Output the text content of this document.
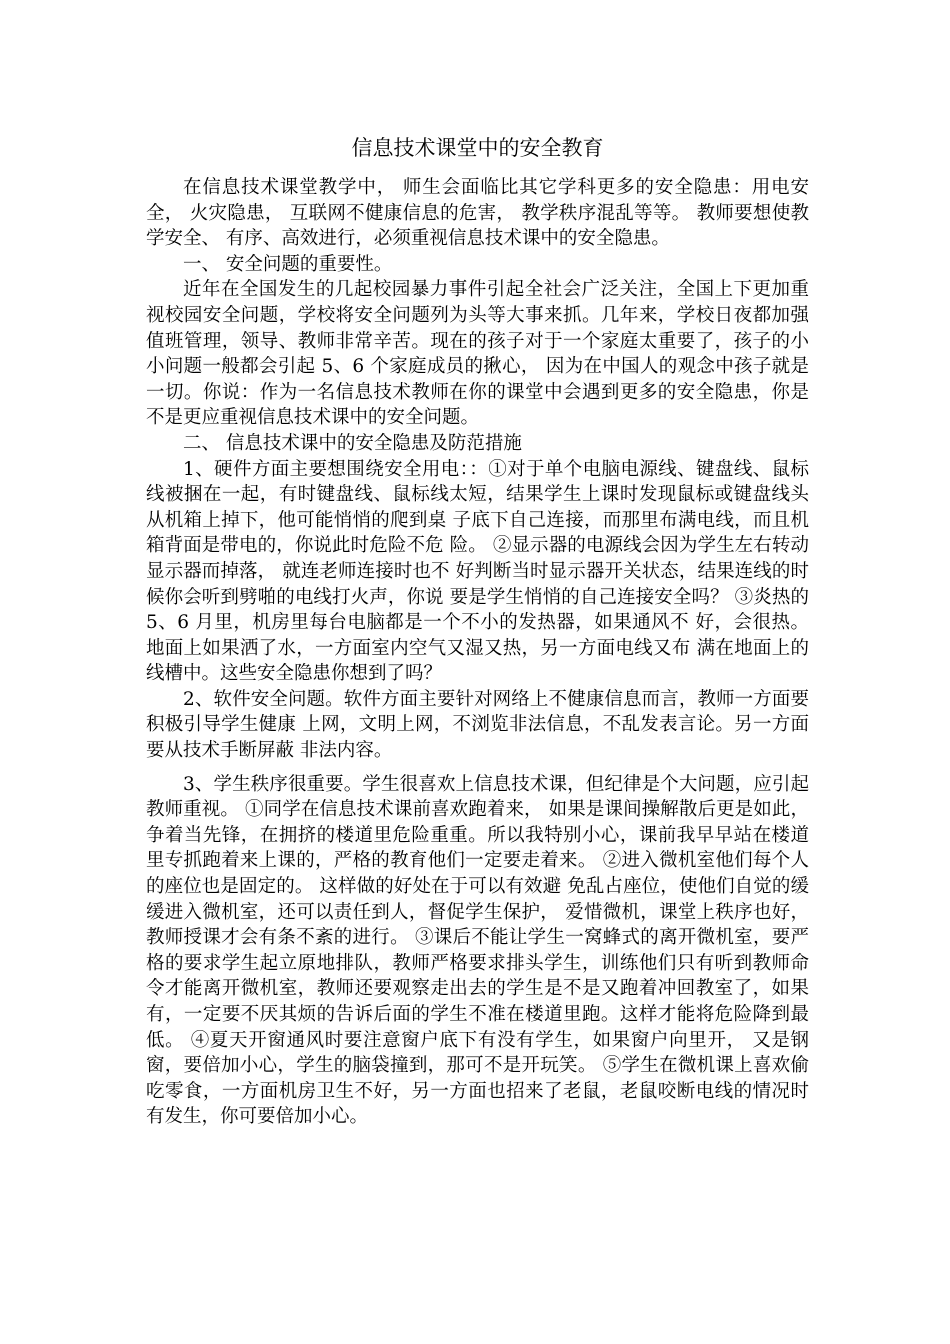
信息技术课堂中的安全教育

在信息技术课堂教学中， 师生会面临比其它学科更多的安全隐患：用电安全， 火灾隐患， 互联网不健康信息的危害， 教学秩序混乱等等。 教师要想使教学安全、 有序、高效进行，必须重视信息技术课中的安全隐患。

一、 安全问题的重要性。

近年在全国发生的几起校园暴力事件引起全社会广泛关注，全国上下更加重视校园安全问题，学校将安全问题列为头等大事来抓。几年来，学校日夜都加强值班管理，领导、教师非常辛苦。现在的孩子对于一个家庭太重要了，孩子的小小问题一般都会引起 5、6 个家庭成员的揪心， 因为在中国人的观念中孩子就是一切。你说：作为一名信息技术教师在你的课堂中会遇到更多的安全隐患，你是不是更应重视信息技术课中的安全问题。

二、 信息技术课中的安全隐患及防范措施

1、硬件方面主要想围绕安全用电：：①对于单个电脑电源线、键盘线、鼠标线被捆在一起，有时键盘线、鼠标线太短，结果学生上课时发现鼠标或键盘线头从机箱上掉下，他可能悄悄的爬到桌 子底下自己连接，而那里布满电线，而且机箱背面是带电的，你说此时危险不危 险。 ②显示器的电源线会因为学生左右转动显示器而掉落， 就连老师连接时也不 好判断当时显示器开关状态，结果连线的时候你会听到劈啪的电线打火声，你说 要是学生悄悄的自己连接安全吗？ ③炎热的 5、6 月里，机房里每台电脑都是一个不小的发热器，如果通风不 好，会很热。地面上如果洒了水，一方面室内空气又湿又热，另一方面电线又布 满在地面上的线槽中。这些安全隐患你想到了吗？

2、软件安全问题。软件方面主要针对网络上不健康信息而言，教师一方面要积极引导学生健康 上网，文明上网，不浏览非法信息，不乱发表言论。另一方面要从技术手断屏蔽 非法内容。

3、学生秩序很重要。学生很喜欢上信息技术课，但纪律是个大问题，应引起教师重视。 ①同学在信息技术课前喜欢跑着来， 如果是课间操解散后更是如此，争着当先锋，在拥挤的楼道里危险重重。所以我特别小心，课前我早早站在楼道里专抓跑着来上课的，严格的教育他们一定要走着来。 ②进入微机室他们每个人的座位也是固定的。 这样做的好处在于可以有效避 免乱占座位，使他们自觉的缓缓进入微机室，还可以责任到人，督促学生保护， 爱惜微机，课堂上秩序也好，教师授课才会有条不紊的进行。 ③课后不能让学生一窝蜂式的离开微机室，要严格的要求学生起立原地排队，教师严格要求排头学生，训练他们只有听到教师命令才能离开微机室，教师还要观察走出去的学生是不是又跑着冲回教室了，如果有，一定要不厌其烦的告诉后面的学生不准在楼道里跑。这样才能将危险降到最低。 ④夏天开窗通风时要注意窗户底下有没有学生，如果窗户向里开， 又是钢窗，要倍加小心，学生的脑袋撞到，那可不是开玩笑。 ⑤学生在微机课上喜欢偷吃零食，一方面机房卫生不好，另一方面也招来了老鼠，老鼠咬断电线的情况时有发生，你可要倍加小心。
